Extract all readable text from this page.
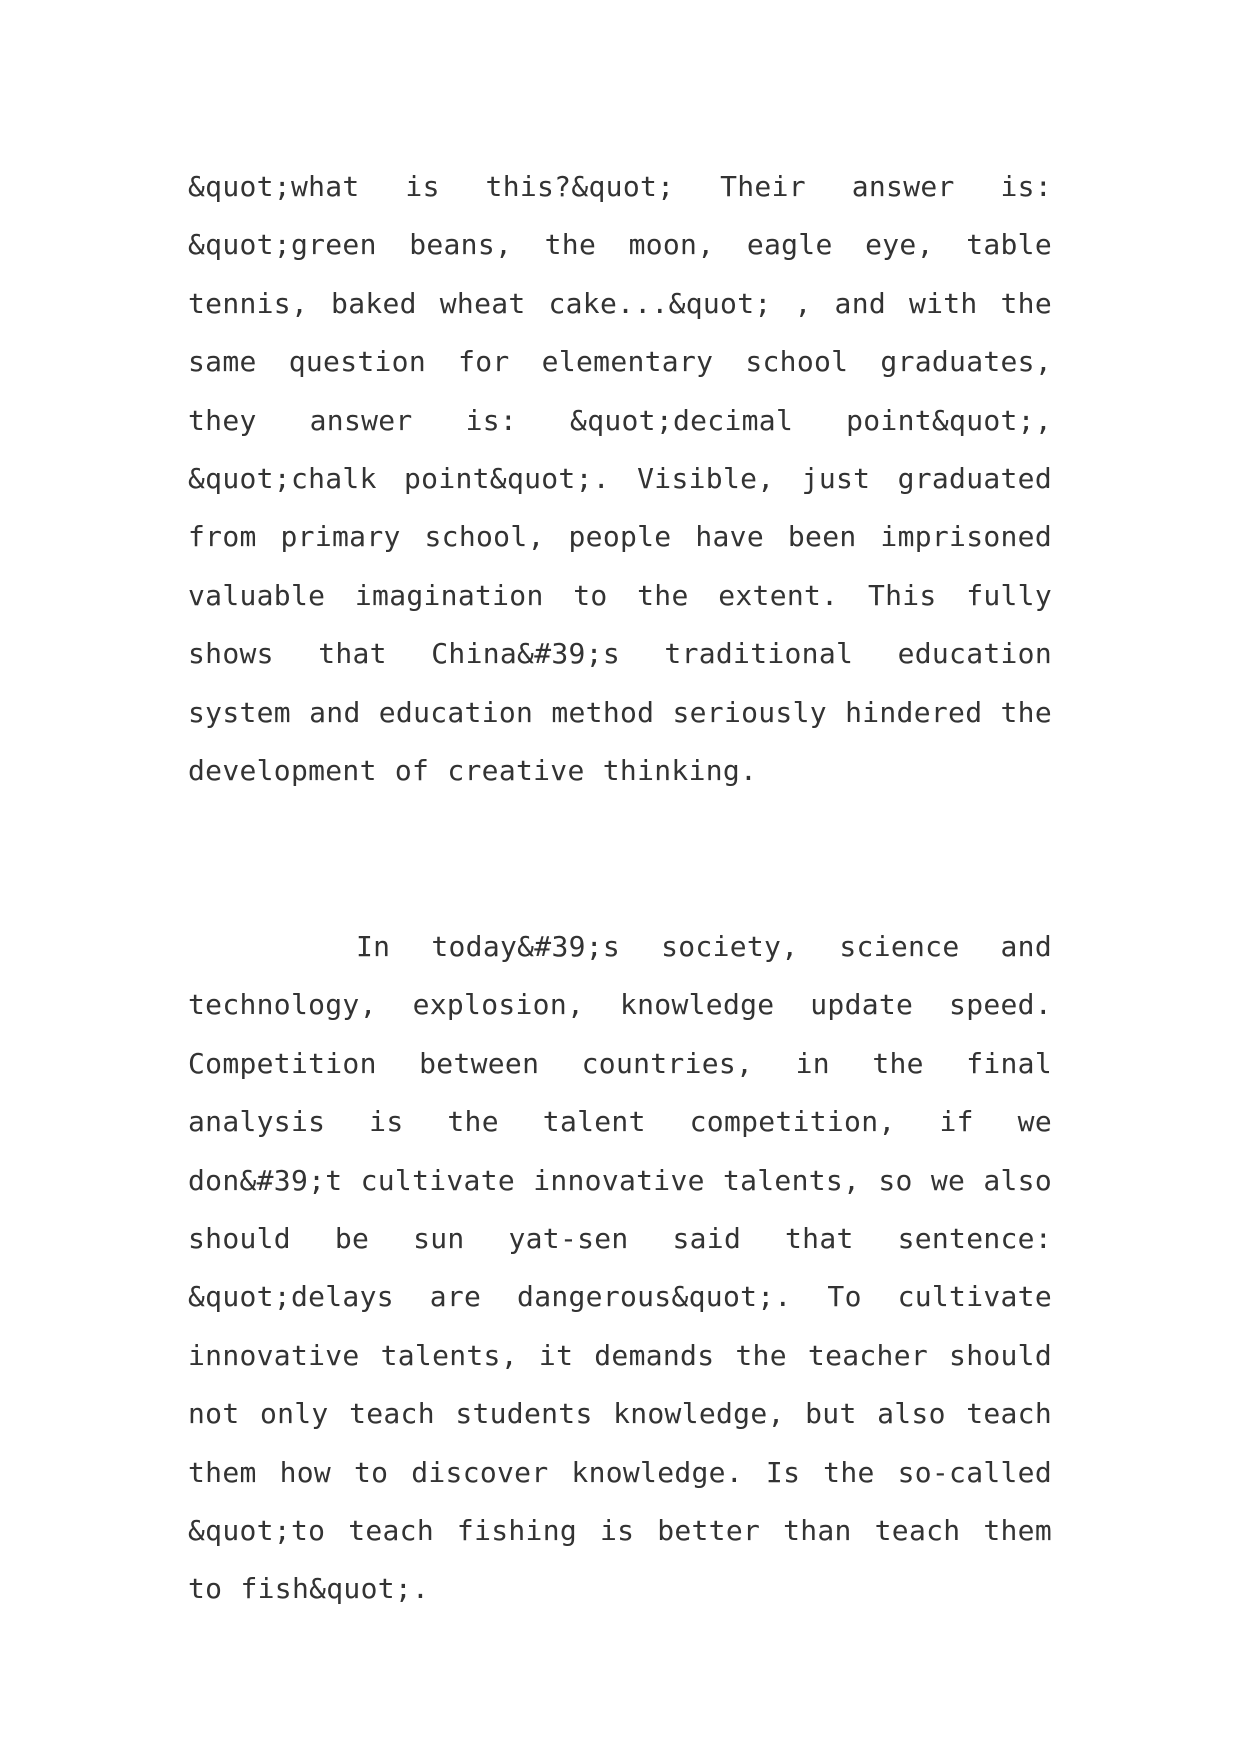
&quot;what is this?&quot; Their answer is: &quot;green beans, the moon, eagle eye, table tennis, baked wheat cake...&quot; , and with the same question for elementary school graduates, they answer is: &quot;decimal point&quot;, &quot;chalk point&quot;. Visible, just graduated from primary school, people have been imprisoned valuable imagination to the extent. This fully shows that China&#39;s traditional education system and education method seriously hindered the development of creative thinking.

In today&#39;s society, science and technology, explosion, knowledge update speed. Competition between countries, in the final analysis is the talent competition, if we don&#39;t cultivate innovative talents, so we also should be sun yat-sen said that sentence: &quot;delays are dangerous&quot;. To cultivate innovative talents, it demands the teacher should not only teach students knowledge, but also teach them how to discover knowledge. Is the so-called &quot;to teach fishing is better than teach them to fish&quot;.
